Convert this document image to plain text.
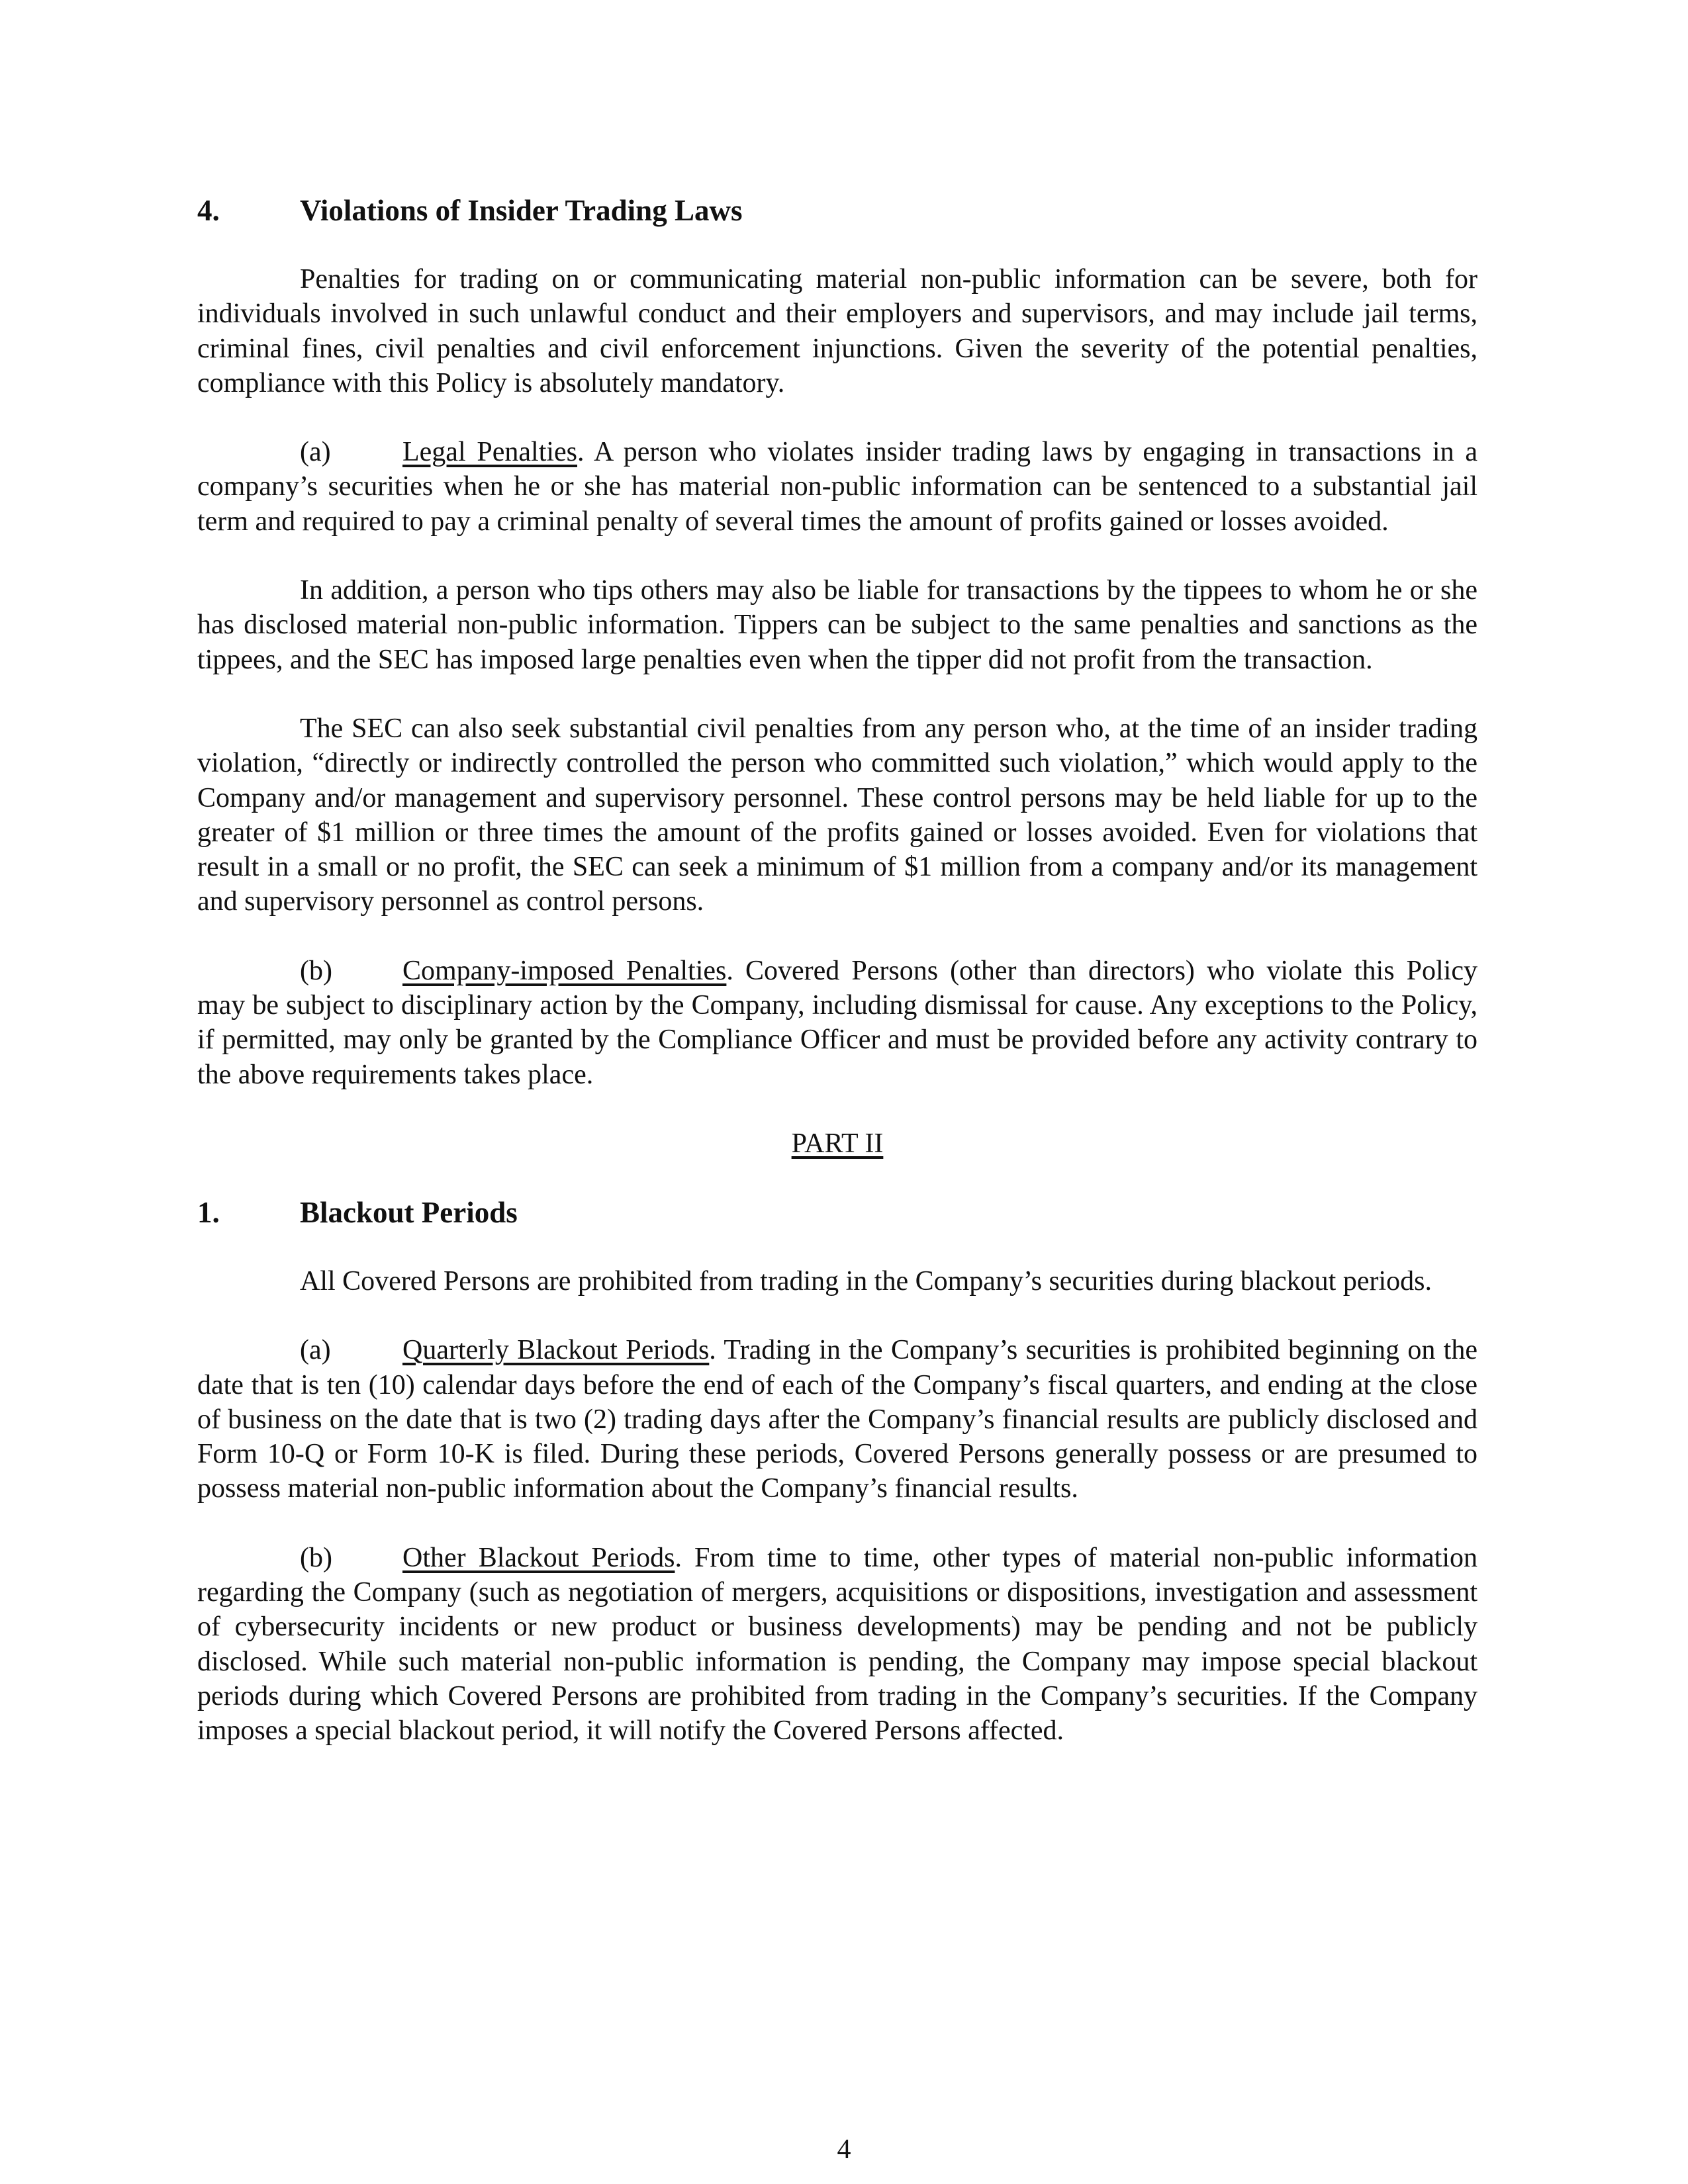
4.	Violations of Insider Trading Laws

Penalties for trading on or communicating material non-public information can be severe, both for individuals involved in such unlawful conduct and their employers and supervisors, and may include jail terms, criminal fines, civil penalties and civil enforcement injunctions. Given the severity of the potential penalties, compliance with this Policy is absolutely mandatory.

(a)	Legal Penalties. A person who violates insider trading laws by engaging in transactions in a company’s securities when he or she has material non-public information can be sentenced to a substantial jail term and required to pay a criminal penalty of several times the amount of profits gained or losses avoided.

In addition, a person who tips others may also be liable for transactions by the tippees to whom he or she has disclosed material non-public information. Tippers can be subject to the same penalties and sanctions as the tippees, and the SEC has imposed large penalties even when the tipper did not profit from the transaction.

The SEC can also seek substantial civil penalties from any person who, at the time of an insider trading violation, “directly or indirectly controlled the person who committed such violation,” which would apply to the Company and/or management and supervisory personnel. These control persons may be held liable for up to the greater of $1 million or three times the amount of the profits gained or losses avoided. Even for violations that result in a small or no profit, the SEC can seek a minimum of $1 million from a company and/or its management and supervisory personnel as control persons.

(b)	Company-imposed Penalties. Covered Persons (other than directors) who violate this Policy may be subject to disciplinary action by the Company, including dismissal for cause. Any exceptions to the Policy, if permitted, may only be granted by the Compliance Officer and must be provided before any activity contrary to the above requirements takes place.

PART II
1.	Blackout Periods

All Covered Persons are prohibited from trading in the Company’s securities during blackout periods.

(a)	Quarterly Blackout Periods. Trading in the Company’s securities is prohibited beginning on the date that is ten (10) calendar days before the end of each of the Company’s fiscal quarters, and ending at the close of business on the date that is two (2) trading days after the Company’s financial results are publicly disclosed and Form 10-Q or Form 10-K is filed. During these periods, Covered Persons generally possess or are presumed to possess material non-public information about the Company’s financial results.

(b)	Other Blackout Periods. From time to time, other types of material non-public information regarding the Company (such as negotiation of mergers, acquisitions or dispositions, investigation and assessment of cybersecurity incidents or new product or business developments) may be pending and not be publicly disclosed. While such material non-public information is pending, the Company may impose special blackout periods during which Covered Persons are prohibited from trading in the Company’s securities. If the Company imposes a special blackout period, it will notify the Covered Persons affected.

4
